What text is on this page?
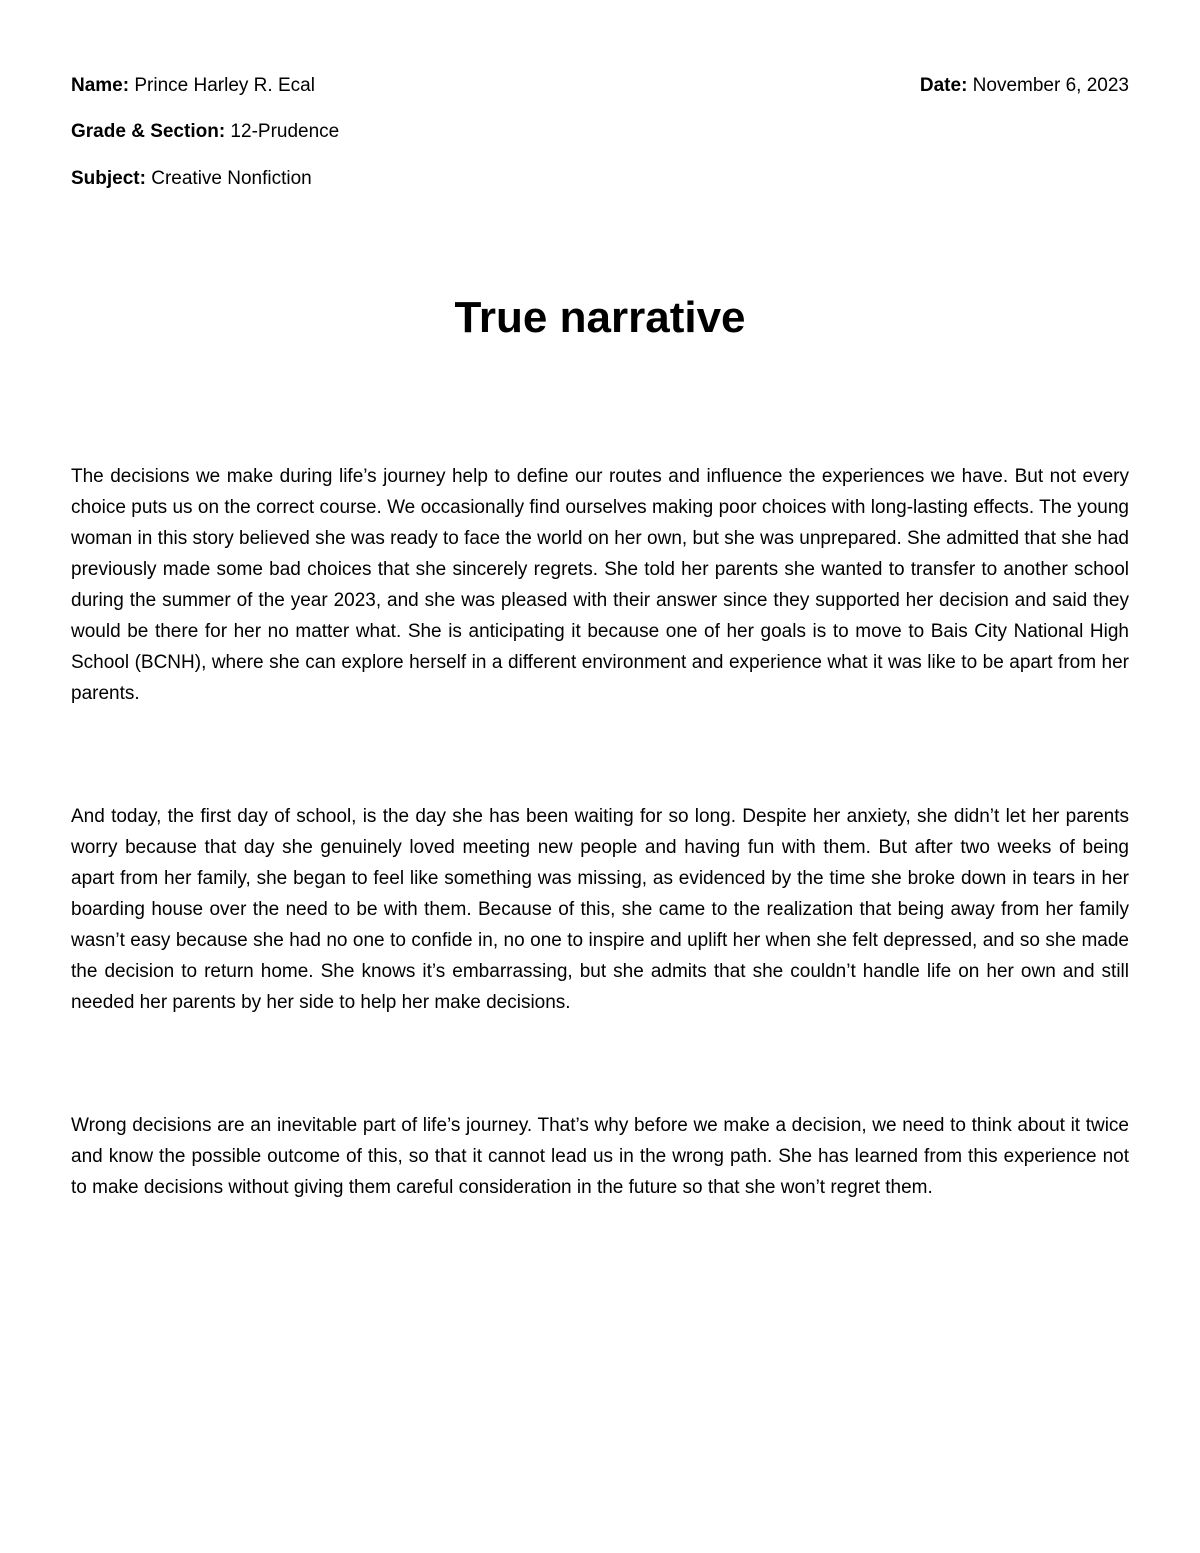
Name: Prince Harley R. Ecal	Date: November 6, 2023
Grade & Section: 12-Prudence
Subject: Creative Nonfiction
True narrative

The decisions we make during life’s journey help to define our routes and influence the experiences we have. But not every choice puts us on the correct course. We occasionally find ourselves making poor choices with long-lasting effects. The young woman in this story believed she was ready to face the world on her own, but she was unprepared. She admitted that she had previously made some bad choices that she sincerely regrets. She told her parents she wanted to transfer to another school during the summer of the year 2023, and she was pleased with their answer since they supported her decision and said they would be there for her no matter what. She is anticipating it because one of her goals is to move to Bais City National High School (BCNH), where she can explore herself in a different environment and experience what it was like to be apart from her parents.

And today, the first day of school, is the day she has been waiting for so long. Despite her anxiety, she didn’t let her parents worry because that day she genuinely loved meeting new people and having fun with them. But after two weeks of being apart from her family, she began to feel like something was missing, as evidenced by the time she broke down in tears in her boarding house over the need to be with them. Because of this, she came to the realization that being away from her family wasn’t easy because she had no one to confide in, no one to inspire and uplift her when she felt depressed, and so she made the decision to return home. She knows it’s embarrassing, but she admits that she couldn’t handle life on her own and still needed her parents by her side to help her make decisions.

Wrong decisions are an inevitable part of life’s journey. That’s why before we make a decision, we need to think about it twice and know the possible outcome of this, so that it cannot lead us in the wrong path. She has learned from this experience not to make decisions without giving them careful consideration in the future so that she won’t regret them.
